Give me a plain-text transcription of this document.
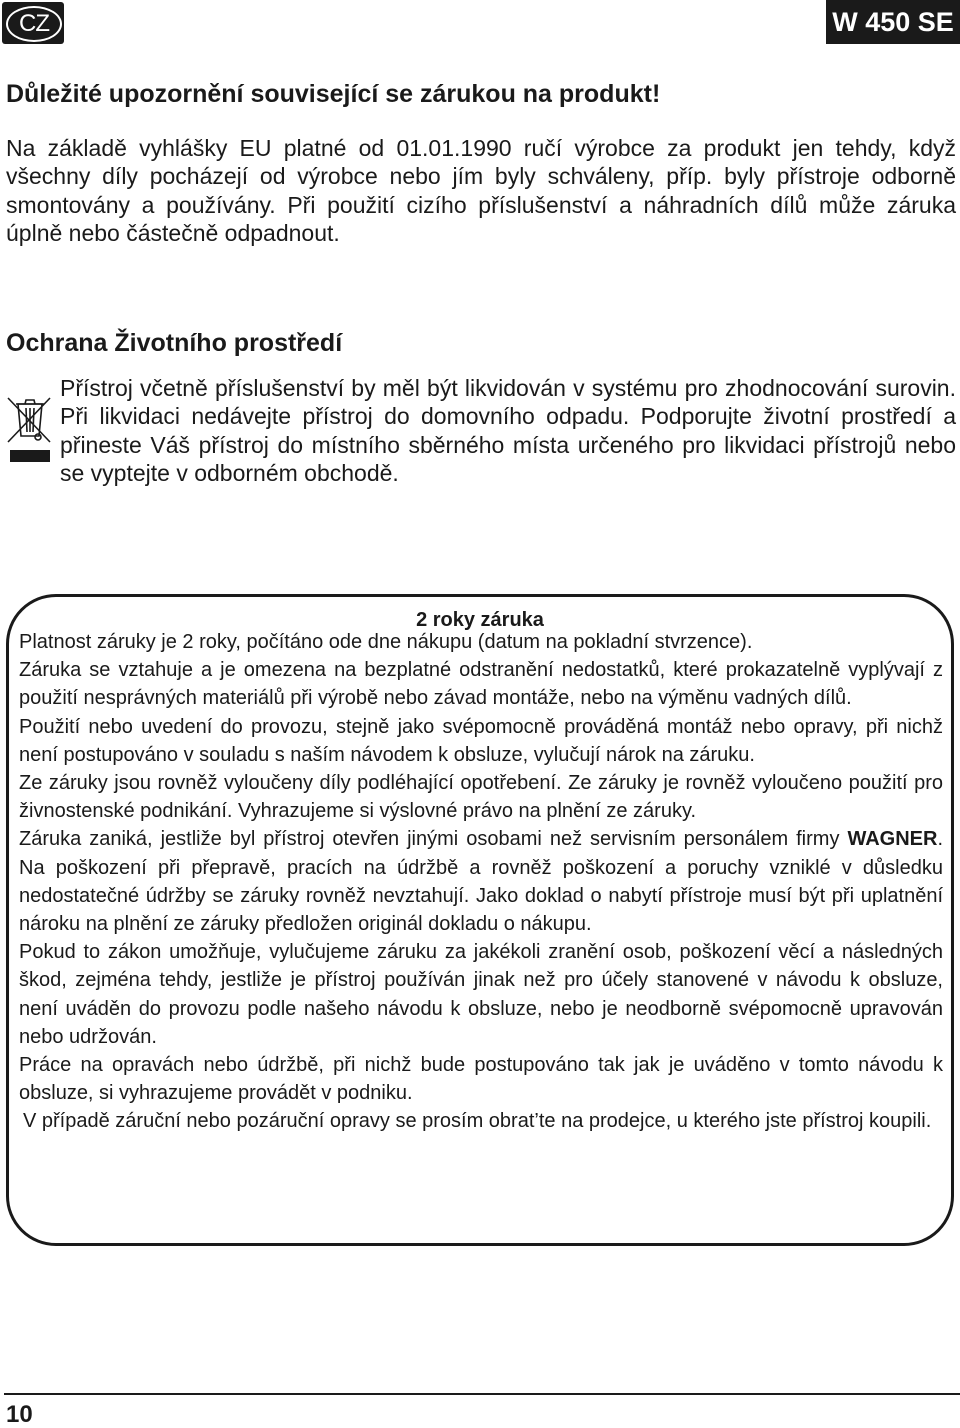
CZ	W 450 SE
Důležité upozornění související se zárukou na produkt!

Na základě vyhlášky EU platné od 01.01.1990 ručí výrobce za produkt jen tehdy, když všechny díly pocházejí od výrobce nebo jím byly schváleny, příp. byly přístroje odborně smontovány a používány. Při použití cizího příslušenství a náhradních dílů může záruka úplně nebo částečně odpadnout.

Ochrana Životního prostředí

Přístroj včetně příslušenství by měl být likvidován v systému pro zhodnocování surovin. Při likvidaci nedávejte přístroj do domovního odpadu. Podporujte životní prostředí a přineste Váš přístroj do místního sběrného místa určeného pro likvidaci přístrojů nebo se vyptejte v odborném obchodě.

2 roky záruka

Platnost záruky je 2 roky, počítáno ode dne nákupu (datum na pokladní stvrzence).

Záruka se vztahuje a je omezena na bezplatné odstranění nedostatků, které prokazatelně vyplývají z použití nesprávných materiálů při výrobě nebo závad montáže, nebo na výměnu vadných dílů.

Použití nebo uvedení do provozu, stejně jako svépomocně prováděná montáž nebo opravy, při nichž není postupováno v souladu s naším návodem k obsluze, vylučují nárok na záruku.

Ze záruky jsou rovněž vyloučeny díly podléhající opotřebení. Ze záruky je rovněž vyloučeno použití pro živnostenské podnikání. Vyhrazujeme si výslovné právo na plnění ze záruky.

Záruka zaniká, jestliže byl přístroj otevřen jinými osobami než servisním personálem firmy WAGNER. Na poškození při přepravě, pracích na údržbě a rovněž poškození a poruchy vzniklé v důsledku nedostatečné údržby se záruky rovněž nevztahují. Jako doklad o nabytí přístroje musí být při uplatnění nároku na plnění ze záruky předložen originál dokladu o nákupu.

Pokud to zákon umožňuje, vylučujeme záruku za jakékoli zranění osob, poškození věcí a následných škod, zejména tehdy, jestliže je přístroj používán jinak než pro účely stanovené v návodu k obsluze, není uváděn do provozu podle našeho návodu k obsluze, nebo je neodborně svépomocně upravován nebo udržován.

Práce na opravách nebo údržbě, při nichž bude postupováno tak jak je uváděno v tomto návodu k obsluze, si vyhrazujeme provádět v podniku.

V případě záruční nebo pozáruční opravy se prosím obrat’te na prodejce, u kterého jste přístroj koupili.

10
